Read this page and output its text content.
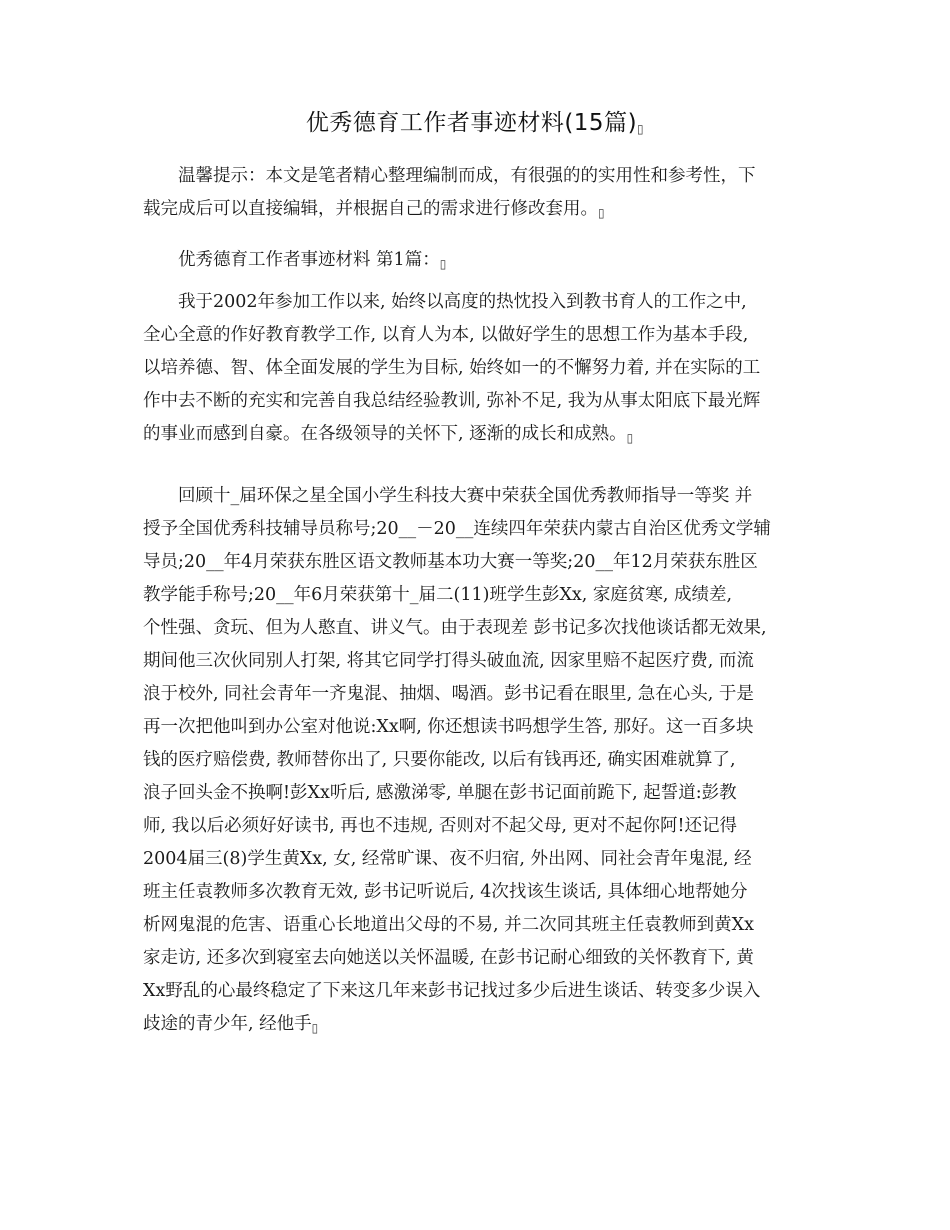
优秀德育工作者事迹材料(15篇)▯

温馨提示：本文是笔者精心整理编制而成，有很强的的实用性和参考性，下
载完成后可以直接编辑，并根据自己的需求进行修改套用。▯

优秀德育工作者事迹材料 第1篇：▯

我于2002年参加工作以来, 始终以高度的热忱投入到教书育人的工作之中,
全心全意的作好教育教学工作, 以育人为本, 以做好学生的思想工作为基本手段,
以培养德、智、体全面发展的学生为目标, 始终如一的不懈努力着, 并在实际的工
作中去不断的充实和完善自我总结经验教训, 弥补不足, 我为从事太阳底下最光辉
的事业而感到自豪。在各级领导的关怀下, 逐渐的成长和成熟。▯

回顾十_届环保之星全国小学生科技大赛中荣获全国优秀教师指导一等奖 并
授予全国优秀科技辅导员称号;20__－20__连续四年荣获内蒙古自治区优秀文学辅
导员;20__年4月荣获东胜区语文教师基本功大赛一等奖;20__年12月荣获东胜区
教学能手称号;20__年6月荣获第十_届二(11)班学生彭Xx, 家庭贫寒, 成绩差,
个性强、贪玩、但为人憨直、讲义气。由于表现差 彭书记多次找他谈话都无效果,
期间他三次伙同别人打架, 将其它同学打得头破血流, 因家里赔不起医疗费, 而流
浪于校外, 同社会青年一齐鬼混、抽烟、喝酒。彭书记看在眼里, 急在心头, 于是
再一次把他叫到办公室对他说:Xx啊, 你还想读书吗想学生答, 那好。这一百多块
钱的医疗赔偿费, 教师替你出了, 只要你能改, 以后有钱再还, 确实困难就算了,
浪子回头金不换啊!彭Xx听后, 感激涕零, 单腿在彭书记面前跪下, 起誓道:彭教
师, 我以后必须好好读书, 再也不违规, 否则对不起父母, 更对不起你阿!还记得
2004届三(8)学生黄Xx, 女, 经常旷课、夜不归宿, 外出网、同社会青年鬼混, 经
班主任袁教师多次教育无效, 彭书记听说后, 4次找该生谈话, 具体细心地帮她分
析网鬼混的危害、语重心长地道出父母的不易, 并二次同其班主任袁教师到黄Xx
家走访, 还多次到寝室去向她送以关怀温暖, 在彭书记耐心细致的关怀教育下, 黄
Xx野乱的心最终稳定了下来这几年来彭书记找过多少后进生谈话、转变多少误入
歧途的青少年, 经他手▯
